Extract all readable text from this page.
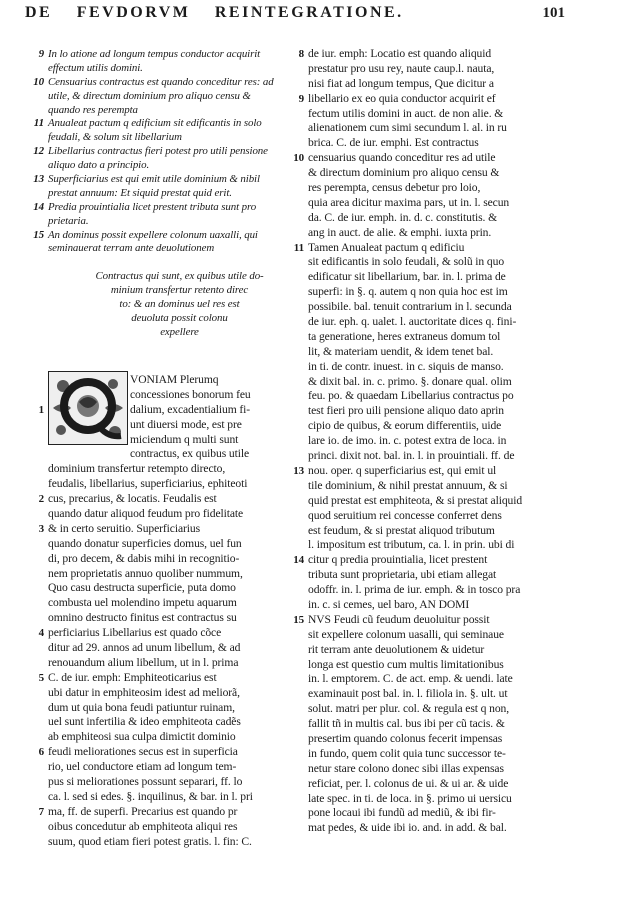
DE FEVDORVM REINTEGRATIONE.	101
9 In lo atione ad longum tempus conductor acquirit
effectum utilis domini.
10 Censuarius contractus est quando conceditur res: ad
utile, & directum dominium pro aliquo censu &
quando res perempta
11 Anualeat pactum q edificium sit edificantis in solo
feudali, & solum sit libellarium
12 Libellarius contractus fieri potest pro utili pensione
aliquo dato a principio.
13 Superficiarius est qui emit utile dominium & nibil
prestat annuum: Et siquid prestat quid erit.
14 Predia prouintialia licet prestent tributa sunt pro
prietaria.
15 An dominus possit expellere colonum uaxalli, qui
seminauerat terram ante deuolutionem
Contractus qui sunt, ex quibus utile do-
minium transfertur retento direc
to: & an dominus uel res est
deuoluta possit colonu
expellere
VONIAM Plerumq
concessiones bonorum feu
1	dalium, excadentialium fi-
unt diuersi mode, est pre
miciendum q multi sunt
contractus, ex quibus utile
dominium transfertur retempto directo,
feudalis, libellarius, superficiarius, ephiteoti
2 cus, precarius, & locatis. Feudalis est
quando datur aliquod feudum pro fidelitate
3 & in certo seruitio. Superficiarius
quando donatur superficies domus, uel fun
di, pro decem, & dabis mihi in recognitio-
nem proprietatis annuo quoliber nummum,
Quo casu destructa superficie, puta domo
combusta uel molendino impetu aquarum
omnino destructo finitus est contractus su
4 perficiarius Libellarius est quado cõce
ditur ad 29. annos ad unum libellum, & ad
renouandum alium libellum, ut in l. prima
5 C. de iur. emph: Emphiteoticarius est
ubi datur in emphiteosim idest ad meliorã,
dum ut quia bona feudi patiuntur ruinam,
uel sunt infertilia & ideo emphiteota cadẽs
ab emphiteosi sua culpa dimictit dominio
6 feudi meliorationes secus est in superficia
rio, uel conductore etiam ad longum tem-
pus si meliorationes possunt separari, ff. lo
ca. l. sed si edes. §. inquilinus, & bar. in l. pri
7 ma, ff. de superfi. Precarius est quando pr
oibus concedutur ab emphiteota aliqui res
suum, quod etiam fieri potest gratis. l. fin: C.
8 de iur. emph: Locatio est quando aliquid
prestatur pro usu rey, naute caup.l. nauta,
nisi fiat ad longum tempus, Que dicitur a
9 libellario ex eo quia conductor acquirit ef
fectum utilis domini in auct. de non alie. &
alienationem cum simi secundum l. al. in ru
brica. C. de iur. emphi. Est contractus
10 censuarius quando conceditur res ad utile
& directum dominium pro aliquo censu &
res perempta, census debetur pro loio,
quia area dicitur maxima pars, ut in. l. secun
da. C. de iur. emph. in. d. c. constitutis. &
ang in auct. de alie. & emphi. iuxta prin.
11 Tamen Anualeat pactum q edificiu
sit edificantis in solo feudali, & solũ in quo
edificatur sit libellarium, bar. in. l. prima de
superfi: in §. q. autem q non quia hoc est im
possibile. bal. tenuit contrarium in l. secunda
de iur. eph. q. ualet. l. auctoritate dices q. fini-
ta generatione, heres extraneus domum tol
lit, & materiam uendit, & idem tenet bal.
in ti. de contr. inuest. in c. siquis de manso.
& dixit bal. in. c. primo. §. donare qual. olim
feu. po. & quaedam Libellarius contractus po
test fieri pro uili pensione aliquo dato aprin
cipio de quibus, & eorum differentiis, uide
lare io. de imo. in. c. potest extra de loca. in
princi. dixit not. bal. in. l. in prouintiali. ff. de
13 nou. oper. q superficiarius est, qui emit ul
tile dominium, & nihil prestat annuum, & si
quid prestat est emphiteota, & si prestat aliquid
quod seruitium rei concesse conferret dens
est feudum, & si prestat aliquod tributum
l. impositum est tributum, ca. l. in prin. ubi di
14 citur q predia prouintialia, licet prestent
tributa sunt proprietaria, ubi etiam allegat
odoffr. in. l. prima de iur. emph. & in tosco pra
in. c. si cemes, uel baro, AN DOMI
15 NVS Feudi cũ feudum deuoluitur possit
sit expellere colonum uasalli, qui seminaue
rit terram ante deuolutionem & uidetur
longa est questio cum multis limitationibus
in. l. emptorem. C. de act. emp. & uendi. late
examinauit post bal. in. l. filiola in. §. ult. ut
solut. matri per plur. col. & regula est q non,
fallit tñ in multis cal. bus ibi per cũ tacis. &
presertim quando colonus fecerit impensas
in fundo, quem colit quia tunc successor te-
netur stare colono donec sibi illas expensas
reficiat, per. l. colonus de ui. & ui ar. & uide
late spec. in ti. de loca. in §. primo ui uersicu
pone locaui ibi fundũ ad mediũ, & ibi fir-
mat pedes, & uide ibi io. and. in add. & bal.
